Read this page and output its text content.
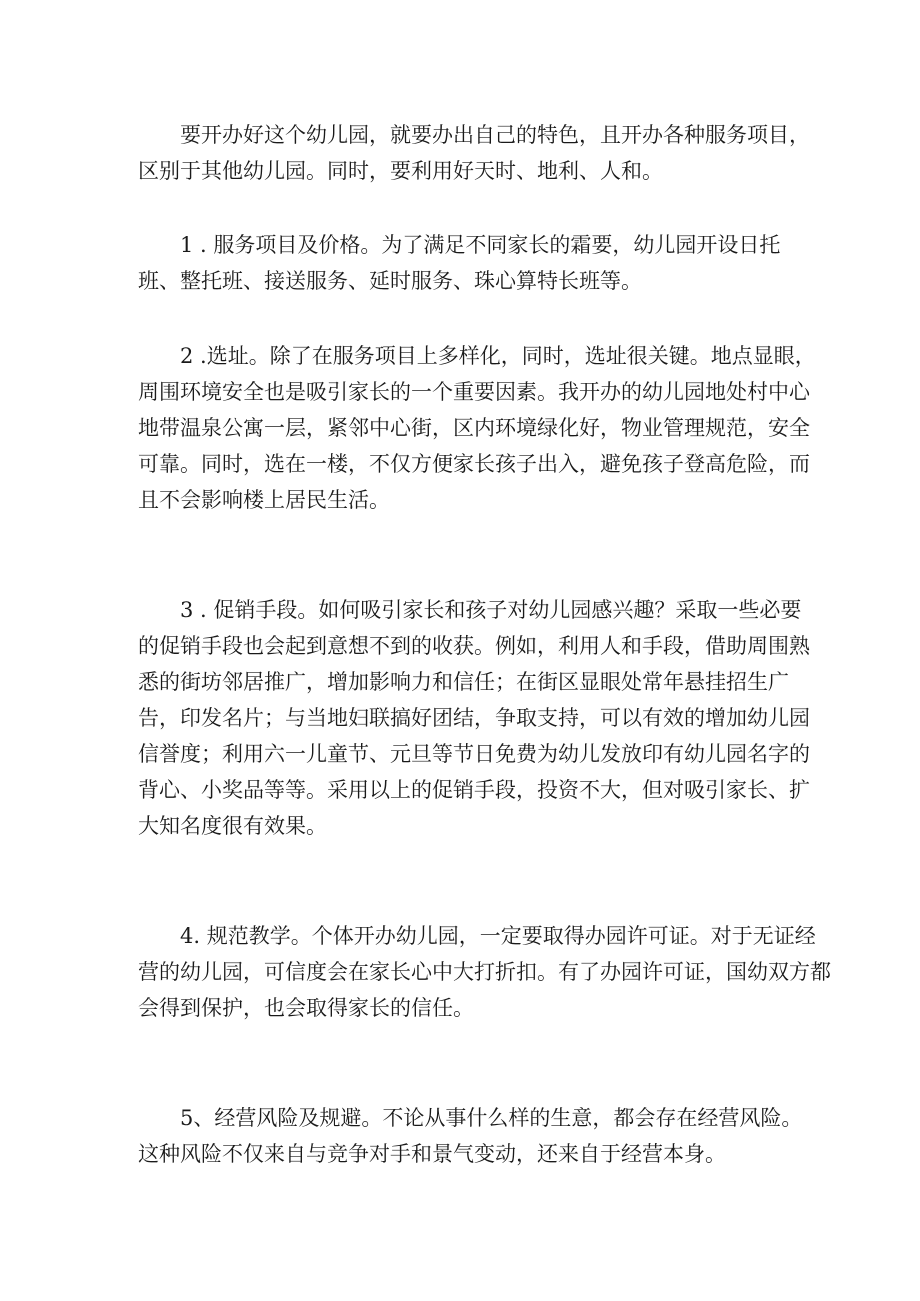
要开办好这个幼儿园，就要办出自己的特色，且开办各种服务项目，
区别于其他幼儿园。同时，要利用好天时、地利、人和。
1 . 服务项目及价格。为了满足不同家长的霜要，幼儿园开设日托
班、整托班、接送服务、延时服务、珠心算特长班等。
2 .选址。除了在服务项目上多样化，同时，选址很关键。地点显眼，
周围环境安全也是吸引家长的一个重要因素。我开办的幼儿园地处村中心
地带温泉公寓一层，紧邻中心街，区内环境绿化好，物业管理规范，安全
可靠。同时，选在一楼，不仅方便家长孩子出入，避免孩子登高危险，而
且不会影响楼上居民生活。
3 . 促销手段。如何吸引家长和孩子对幼儿园感兴趣？采取一些必要
的促销手段也会起到意想不到的收获。例如，利用人和手段，借助周围熟
悉的街坊邻居推广，增加影响力和信任；在街区显眼处常年悬挂招生广
告，印发名片；与当地妇联搞好团结，争取支持，可以有效的增加幼儿园
信誉度；利用六一儿童节、元旦等节日免费为幼儿发放印有幼儿园名字的
背心、小奖品等等。采用以上的促销手段，投资不大，但对吸引家长、扩
大知名度很有效果。
4. 规范教学。个体开办幼儿园，一定要取得办园许可证。对于无证经
营的幼儿园，可信度会在家长心中大打折扣。有了办园许可证，国幼双方都
会得到保护，也会取得家长的信任。
5、经营风险及规避。不论从事什么样的生意，都会存在经营风险。
这种风险不仅来自与竞争对手和景气变动，还来自于经营本身。
